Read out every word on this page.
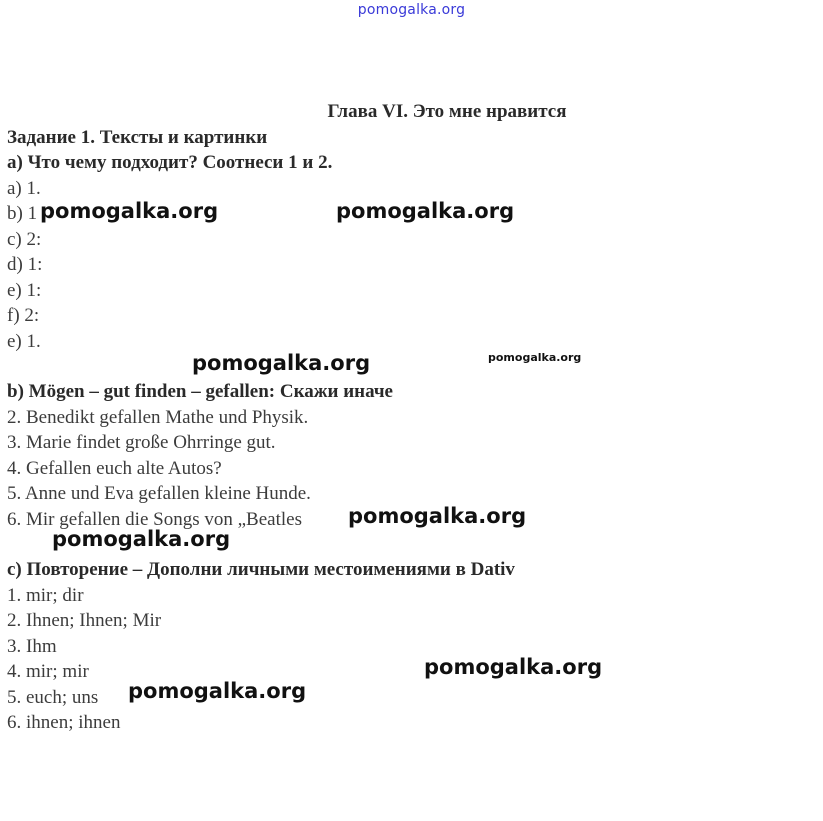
pomogalka.org
Глава VI. Это мне нравится
Задание 1. Тексты и картинки
а) Что чему подходит? Соотнеси 1 и 2.
a) 1.
b) 1
c) 2:
d) 1:
e) 1:
f) 2:
e) 1.
b) Mögen – gut finden – gefallen: Скажи иначе
2. Benedikt gefallen Mathe und Physik.
3. Marie findet große Ohrringe gut.
4. Gefallen euch alte Autos?
5. Anne und Eva gefallen kleine Hunde.
6. Mir gefallen die Songs von „Beatles
с) Повторение – Дополни личными местоимениями в Dativ
1. mir; dir
2. Ihnen; Ihnen; Mir
3. Ihm
4. mir; mir
5. euch; uns
6. ihnen; ihnen
pomogalka.org	pomogalka.org
pomogalka.org	pomogalka.org
pomogalka.org
pomogalka.org
pomogalka.org
pomogalka.org
